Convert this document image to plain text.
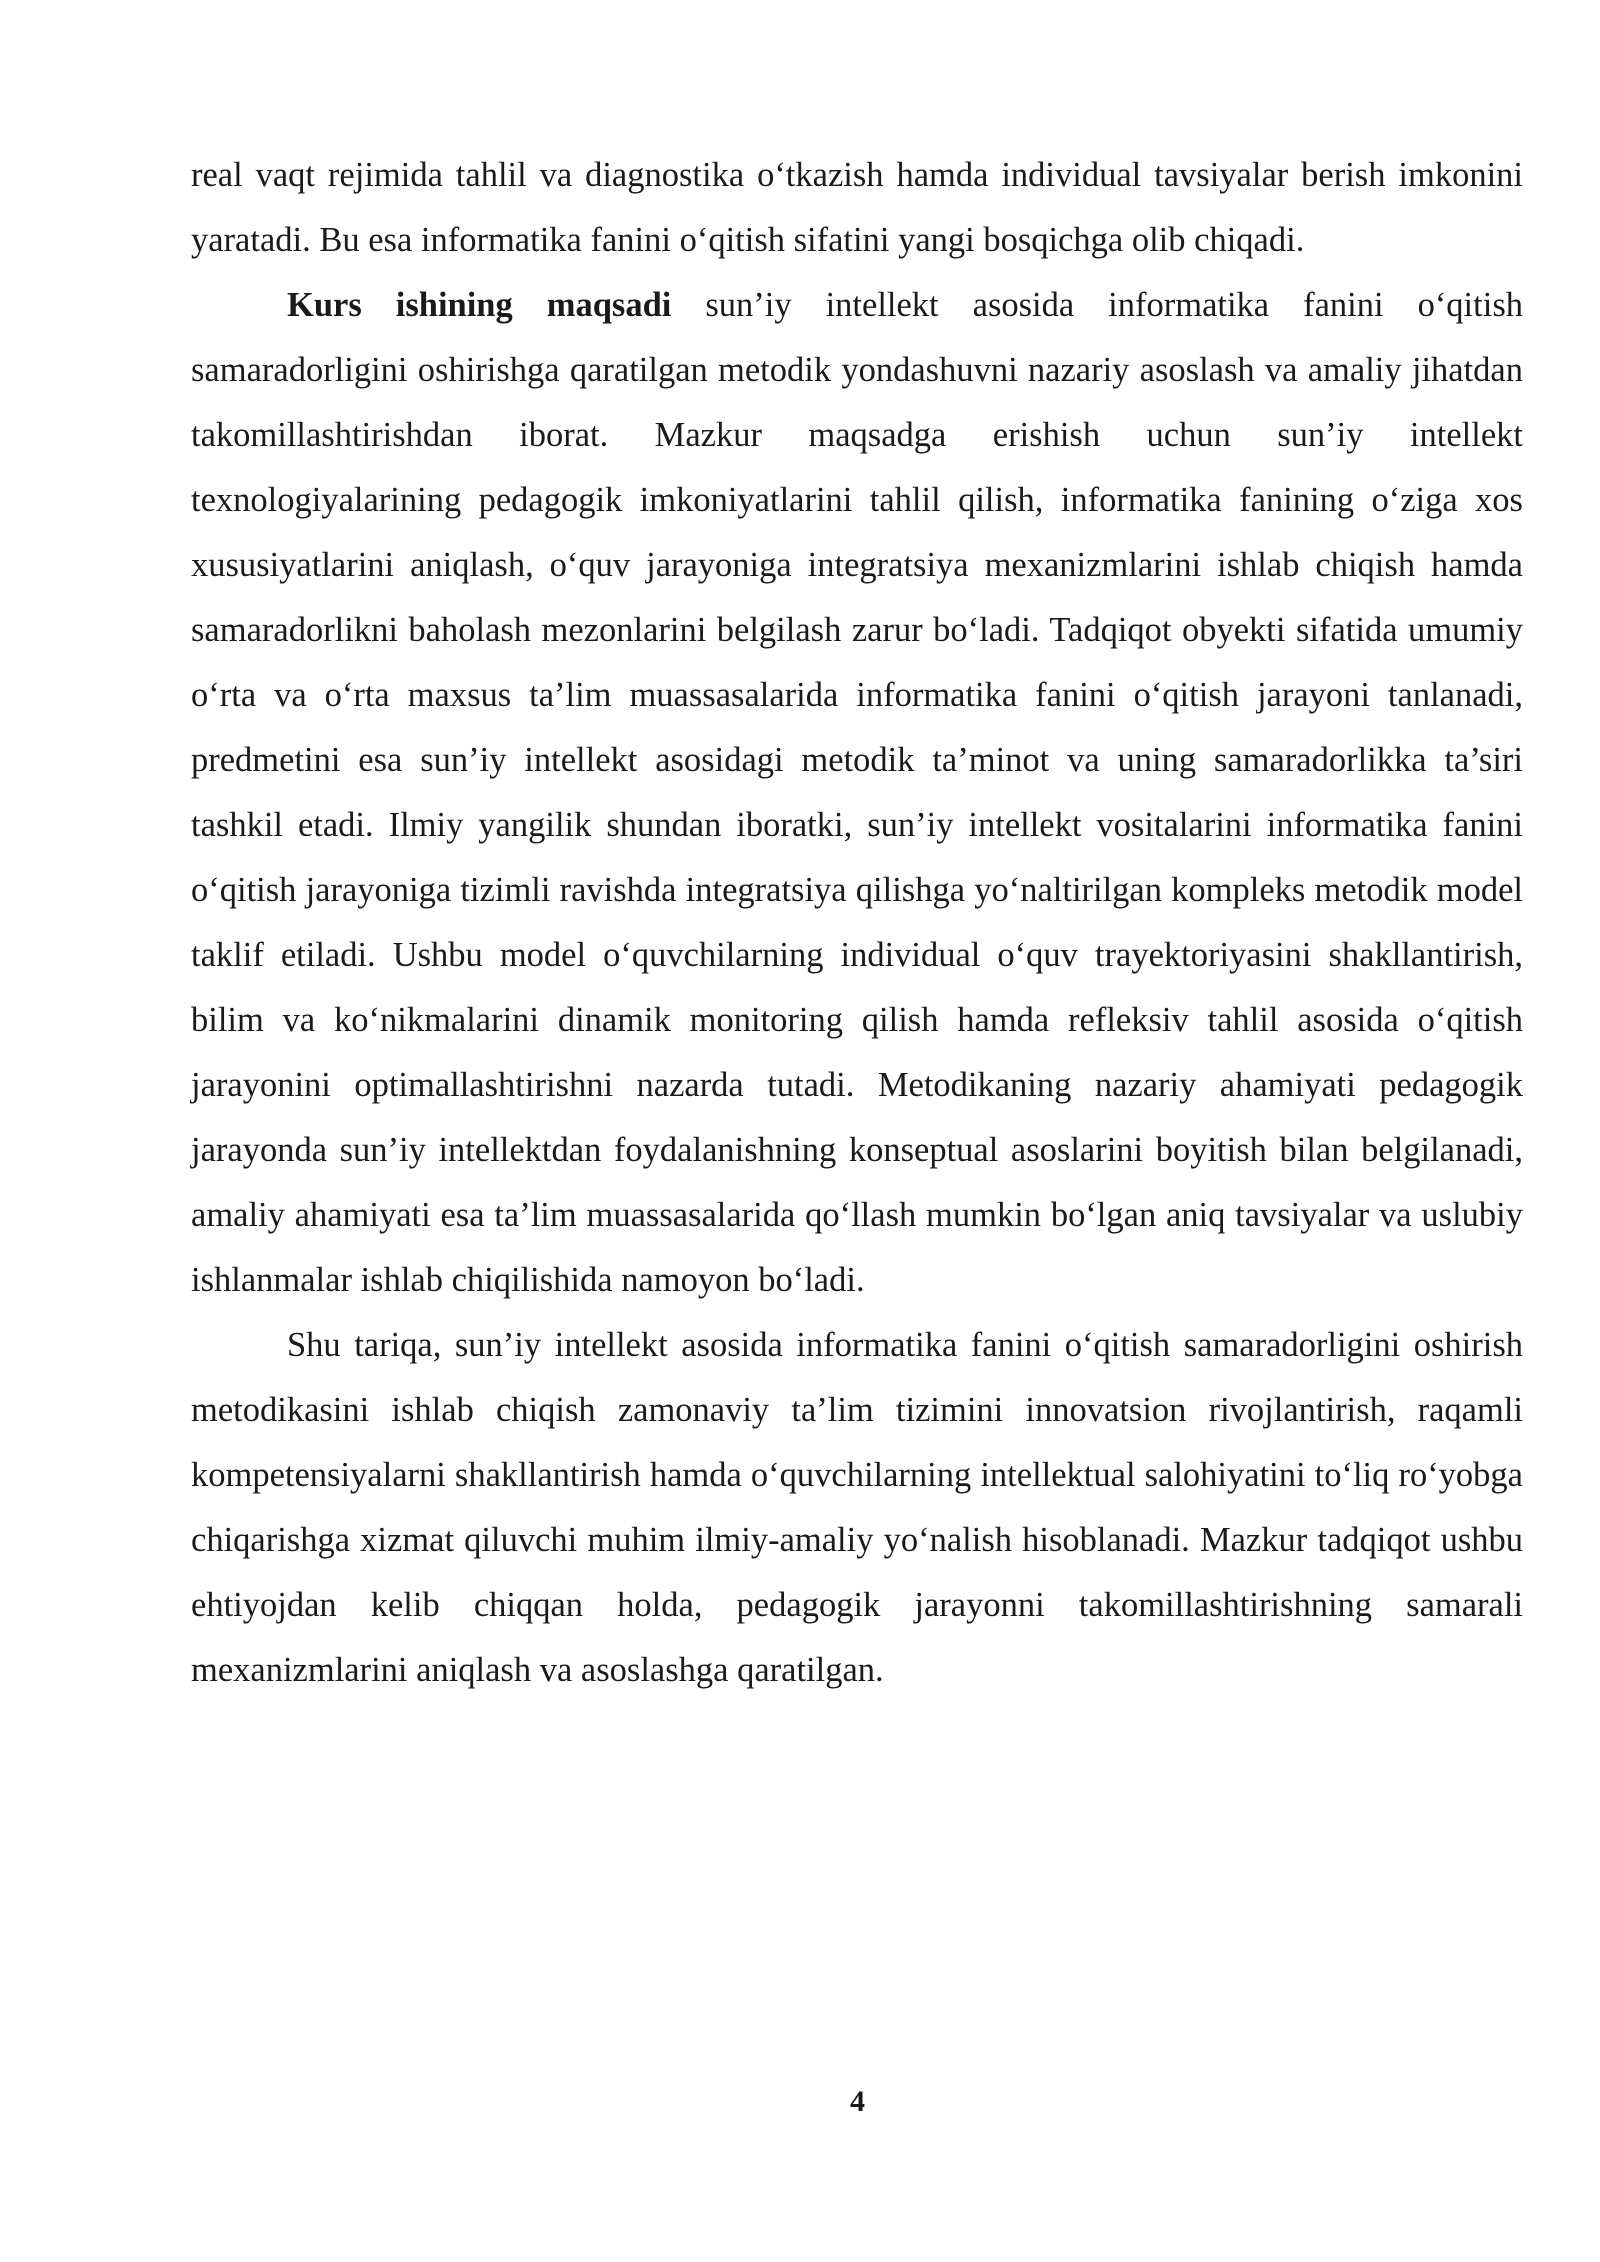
real vaqt rejimida tahlil va diagnostika o‘tkazish hamda individual tavsiyalar berish imkonini yaratadi. Bu esa informatika fanini o‘qitish sifatini yangi bosqichga olib chiqadi.

Kurs ishining maqsadi sun’iy intellekt asosida informatika fanini o‘qitish samaradorligini oshirishga qaratilgan metodik yondashuvni nazariy asoslash va amaliy jihatdan takomillashtirishdan iborat. Mazkur maqsadga erishish uchun sun’iy intellekt texnologiyalarining pedagogik imkoniyatlarini tahlil qilish, informatika fanining o‘ziga xos xususiyatlarini aniqlash, o‘quv jarayoniga integratsiya mexanizmlarini ishlab chiqish hamda samaradorlikni baholash mezonlarini belgilash zarur bo‘ladi. Tadqiqot obyekti sifatida umumiy o‘rta va o‘rta maxsus ta’lim muassasalarida informatika fanini o‘qitish jarayoni tanlanadi, predmetini esa sun’iy intellekt asosidagi metodik ta’minot va uning samaradorlikka ta’siri tashkil etadi. Ilmiy yangilik shundan iboratki, sun’iy intellekt vositalarini informatika fanini o‘qitish jarayoniga tizimli ravishda integratsiya qilishga yo‘naltirilgan kompleks metodik model taklif etiladi. Ushbu model o‘quvchilarning individual o‘quv trayektoriyasini shakllantirish, bilim va ko‘nikmalarini dinamik monitoring qilish hamda refleksiv tahlil asosida o‘qitish jarayonini optimallashtirishni nazarda tutadi. Metodikaning nazariy ahamiyati pedagogik jarayonda sun’iy intellektdan foydalanishning konseptual asoslarini boyitish bilan belgilanadi, amaliy ahamiyati esa ta’lim muassasalarida qo‘llash mumkin bo‘lgan aniq tavsiyalar va uslubiy ishlanmalar ishlab chiqilishida namoyon bo‘ladi.

Shu tariqa, sun’iy intellekt asosida informatika fanini o‘qitish samaradorligini oshirish metodikasini ishlab chiqish zamonaviy ta’lim tizimini innovatsion rivojlantirish, raqamli kompetensiyalarni shakllantirish hamda o‘quvchilarning intellektual salohiyatini to‘liq ro‘yobga chiqarishga xizmat qiluvchi muhim ilmiy-amaliy yo‘nalish hisoblanadi. Mazkur tadqiqot ushbu ehtiyojdan kelib chiqqan holda, pedagogik jarayonni takomillashtirishning samarali mexanizmlarini aniqlash va asoslashga qaratilgan.

4
